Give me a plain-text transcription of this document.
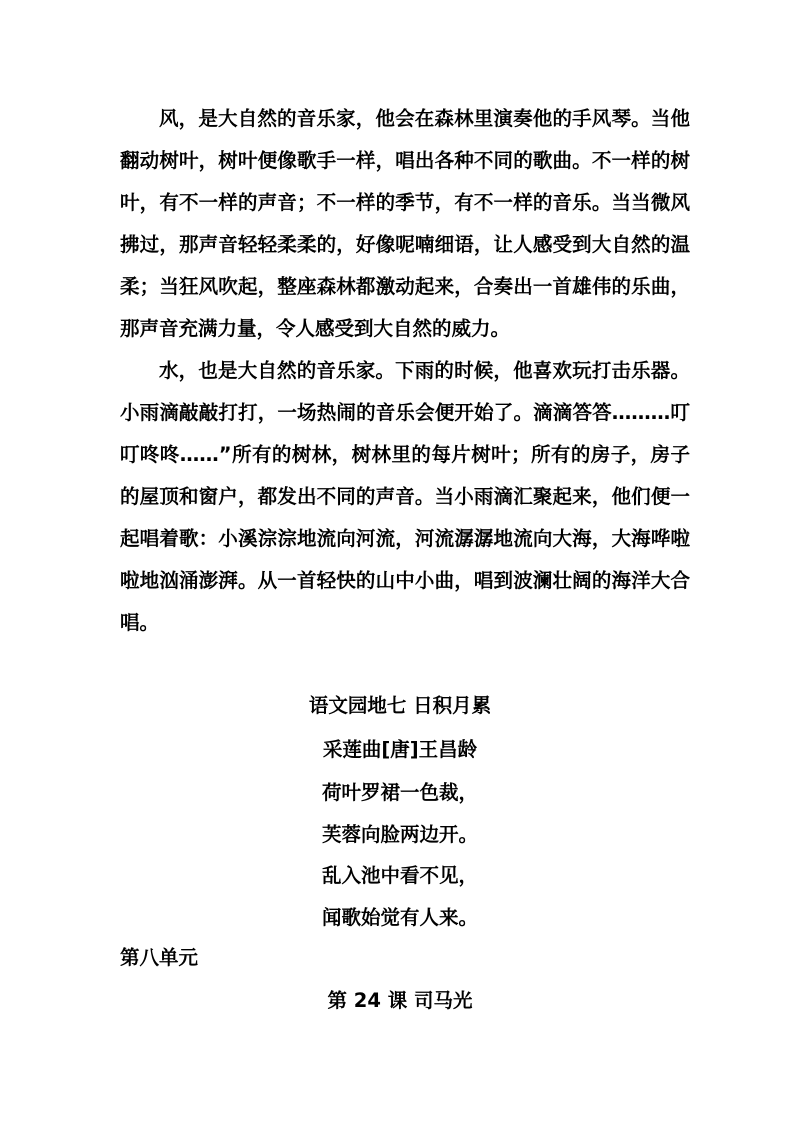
风，是大自然的音乐家，他会在森林里演奏他的手风琴。当他翻动树叶，树叶便像歌手一样，唱出各种不同的歌曲。不一样的树叶，有不一样的声音；不一样的季节，有不一样的音乐。当当微风拂过，那声音轻轻柔柔的，好像呢喃细语，让人感受到大自然的温柔；当狂风吹起，整座森林都激动起来，合奏出一首雄伟的乐曲，那声音充满力量，令人感受到大自然的威力。

水，也是大自然的音乐家。下雨的时候，他喜欢玩打击乐器。小雨滴敲敲打打，一场热闹的音乐会便开始了。滴滴答答………叮叮咚咚……”所有的树林，树林里的每片树叶；所有的房子，房子的屋顶和窗户，都发出不同的声音。当小雨滴汇聚起来，他们便一起唱着歌：小溪淙淙地流向河流，河流潺潺地流向大海，大海哗啦啦地汹涌澎湃。从一首轻快的山中小曲，唱到波澜壮阔的海洋大合唱。

语文园地七 日积月累

采莲曲[唐]王昌龄

荷叶罗裙一色裁，

芙蓉向脸两边开。

乱入池中看不见，

闻歌始觉有人来。

第八单元

第 24 课 司马光
